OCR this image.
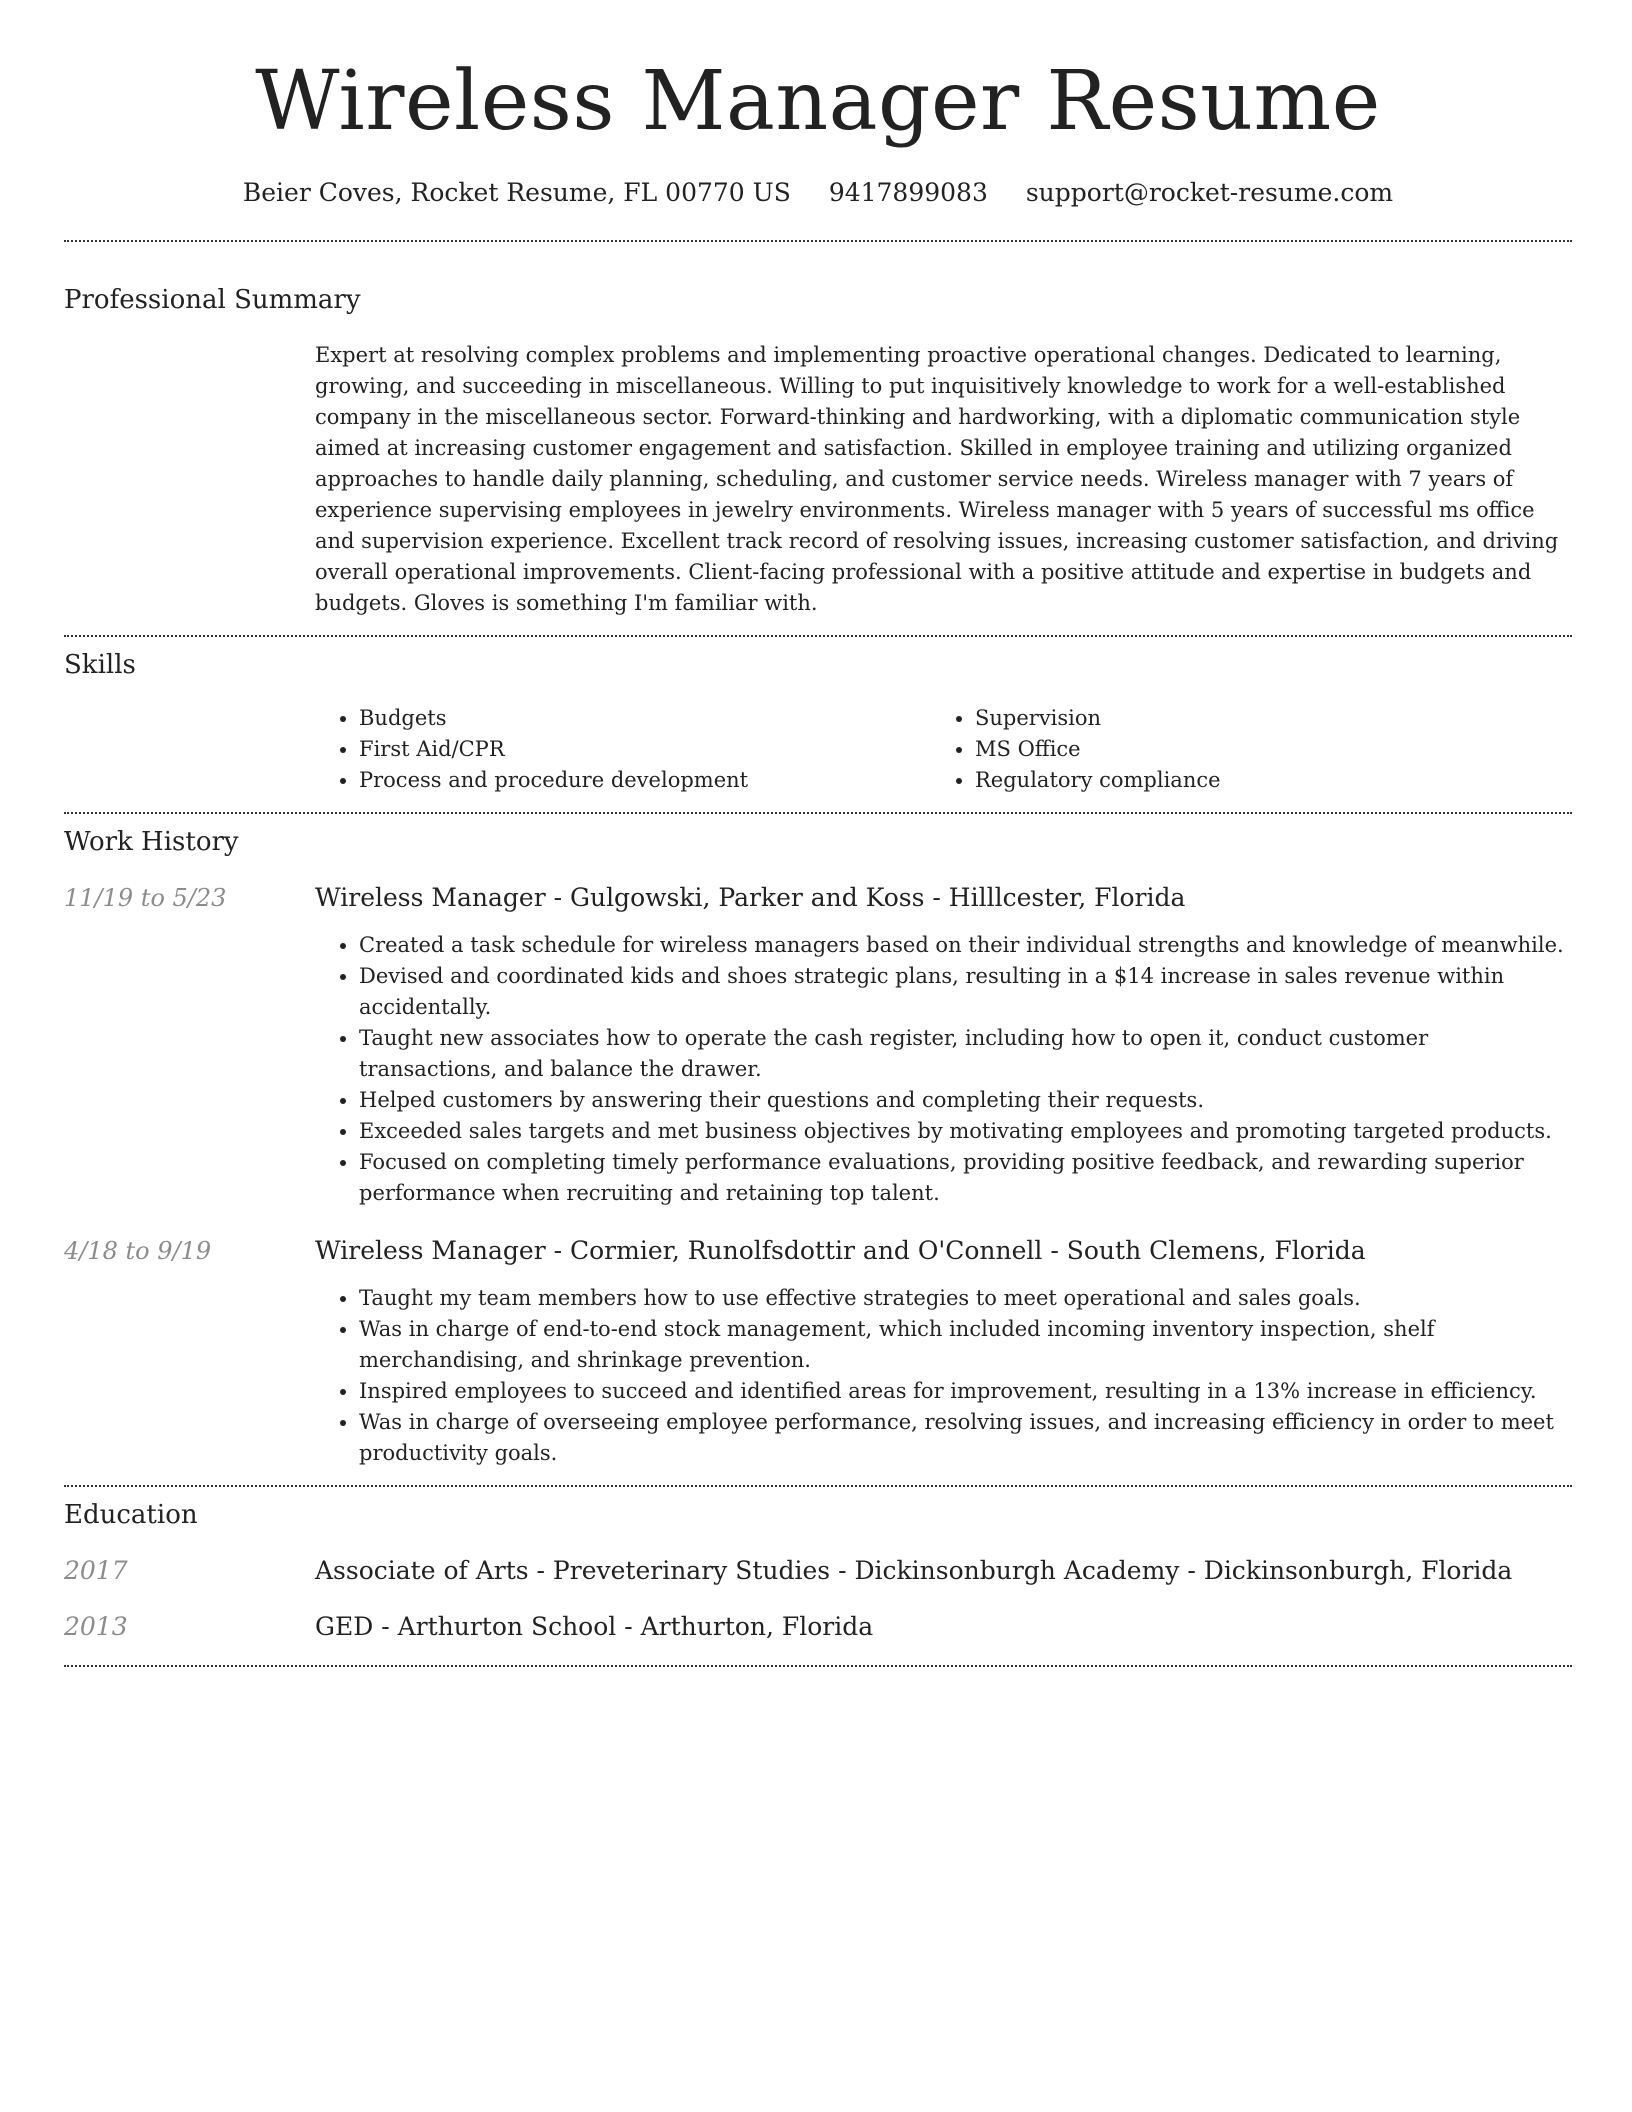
Wireless Manager Resume
Beier Coves, Rocket Resume, FL 00770 US 9417899083 support@rocket-resume.com
Professional Summary

Expert at resolving complex problems and implementing proactive operational changes. Dedicated to learning, growing, and succeeding in miscellaneous. Willing to put inquisitively knowledge to work for a well-established company in the miscellaneous sector. Forward-thinking and hardworking, with a diplomatic communication style aimed at increasing customer engagement and satisfaction. Skilled in employee training and utilizing organized approaches to handle daily planning, scheduling, and customer service needs. Wireless manager with 7 years of experience supervising employees in jewelry environments. Wireless manager with 5 years of successful ms office and supervision experience. Excellent track record of resolving issues, increasing customer satisfaction, and driving overall operational improvements. Client-facing professional with a positive attitude and expertise in budgets and budgets. Gloves is something I'm familiar with.

Skills
• Budgets
• First Aid/CPR
• Process and procedure development
• Supervision
• MS Office
• Regulatory compliance
Work History
11/19 to 5/23	Wireless Manager - Gulgowski, Parker and Koss - Hilllcester, Florida
• Created a task schedule for wireless managers based on their individual strengths and knowledge of meanwhile.
• Devised and coordinated kids and shoes strategic plans, resulting in a $14 increase in sales revenue within accidentally.
• Taught new associates how to operate the cash register, including how to open it, conduct customer transactions, and balance the drawer.
• Helped customers by answering their questions and completing their requests.
• Exceeded sales targets and met business objectives by motivating employees and promoting targeted products.
• Focused on completing timely performance evaluations, providing positive feedback, and rewarding superior performance when recruiting and retaining top talent.
4/18 to 9/19	Wireless Manager - Cormier, Runolfsdottir and O'Connell - South Clemens, Florida
• Taught my team members how to use effective strategies to meet operational and sales goals.
• Was in charge of end-to-end stock management, which included incoming inventory inspection, shelf merchandising, and shrinkage prevention.
• Inspired employees to succeed and identified areas for improvement, resulting in a 13% increase in efficiency.
• Was in charge of overseeing employee performance, resolving issues, and increasing efficiency in order to meet productivity goals.
Education
2017	Associate of Arts - Preveterinary Studies - Dickinsonburgh Academy - Dickinsonburgh, Florida
2013	GED - Arthurton School - Arthurton, Florida
